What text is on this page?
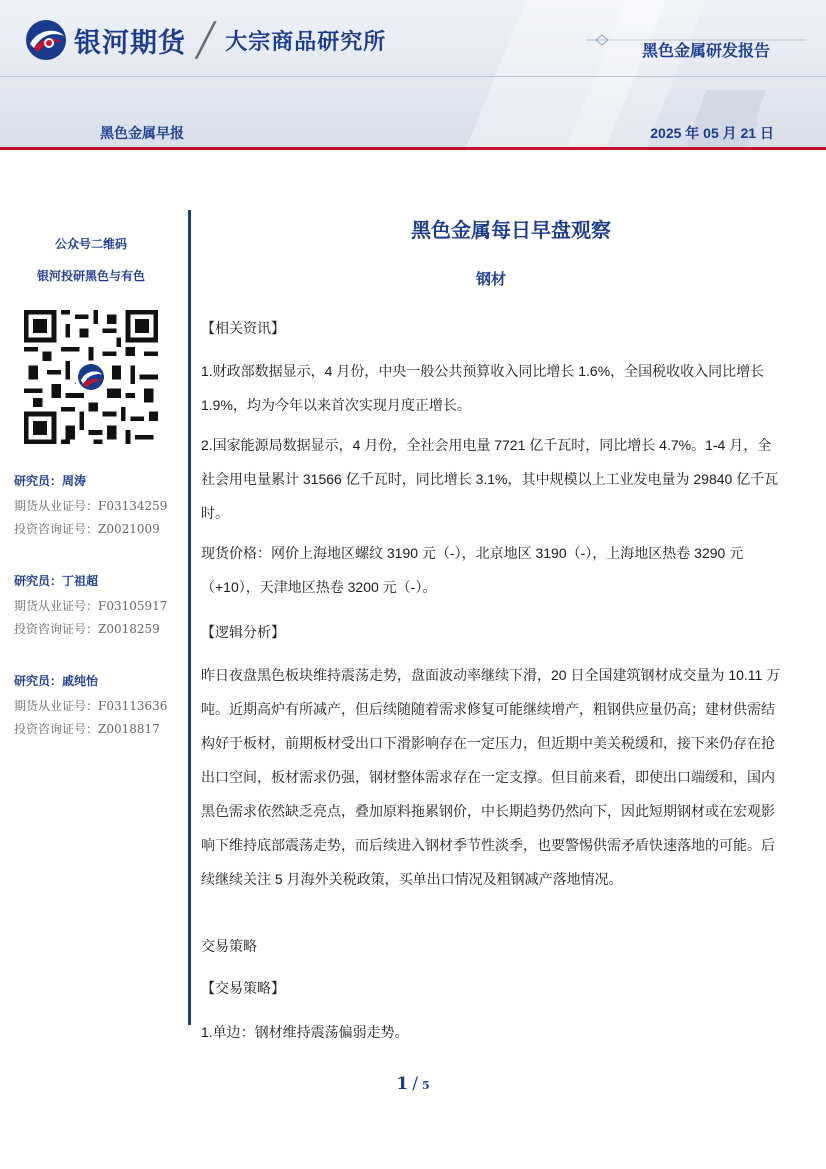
银河期货 ╱ 大宗商品研究所	黑色金属研发报告
黑色金属早报	2025 年 05 月 21 日
公众号二维码
银河投研黑色与有色
研究员：周涛
期货从业证号：F03134259
投资咨询证号：Z0021009
研究员：丁祖超
期货从业证号：F03105917
投资咨询证号：Z0018259
研究员：戚纯怡
期货从业证号：F03113636
投资咨询证号：Z0018817
黑色金属每日早盘观察
钢材
【相关资讯】
1.财政部数据显示，4 月份，中央一般公共预算收入同比增长 1.6%，全国税收收入同比增长 1.9%，均为今年以来首次实现月度正增长。
2.国家能源局数据显示，4 月份，全社会用电量 7721 亿千瓦时，同比增长 4.7%。1-4 月，全社会用电量累计 31566 亿千瓦时，同比增长 3.1%，其中规模以上工业发电量为 29840 亿千瓦时。
现货价格：网价上海地区螺纹 3190 元（-），北京地区 3190（-），上海地区热卷 3290 元（+10），天津地区热卷 3200 元（-）。
【逻辑分析】
昨日夜盘黑色板块维持震荡走势，盘面波动率继续下滑，20 日全国建筑钢材成交量为 10.11 万吨。近期高炉有所减产，但后续随随着需求修复可能继续增产，粗钢供应量仍高；建材供需结构好于板材，前期板材受出口下滑影响存在一定压力，但近期中美关税缓和，接下来仍存在抢出口空间，板材需求仍强，钢材整体需求存在一定支撑。但目前来看，即使出口端缓和，国内黑色需求依然缺乏亮点，叠加原料拖累钢价，中长期趋势仍然向下，因此短期钢材或在宏观影响下维持底部震荡走势，而后续进入钢材季节性淡季，也要警惕供需矛盾快速落地的可能。后续继续关注 5 月海外关税政策，买单出口情况及粗钢减产落地情况。
交易策略
【交易策略】
1.单边：钢材维持震荡偏弱走势。
1 / 5
